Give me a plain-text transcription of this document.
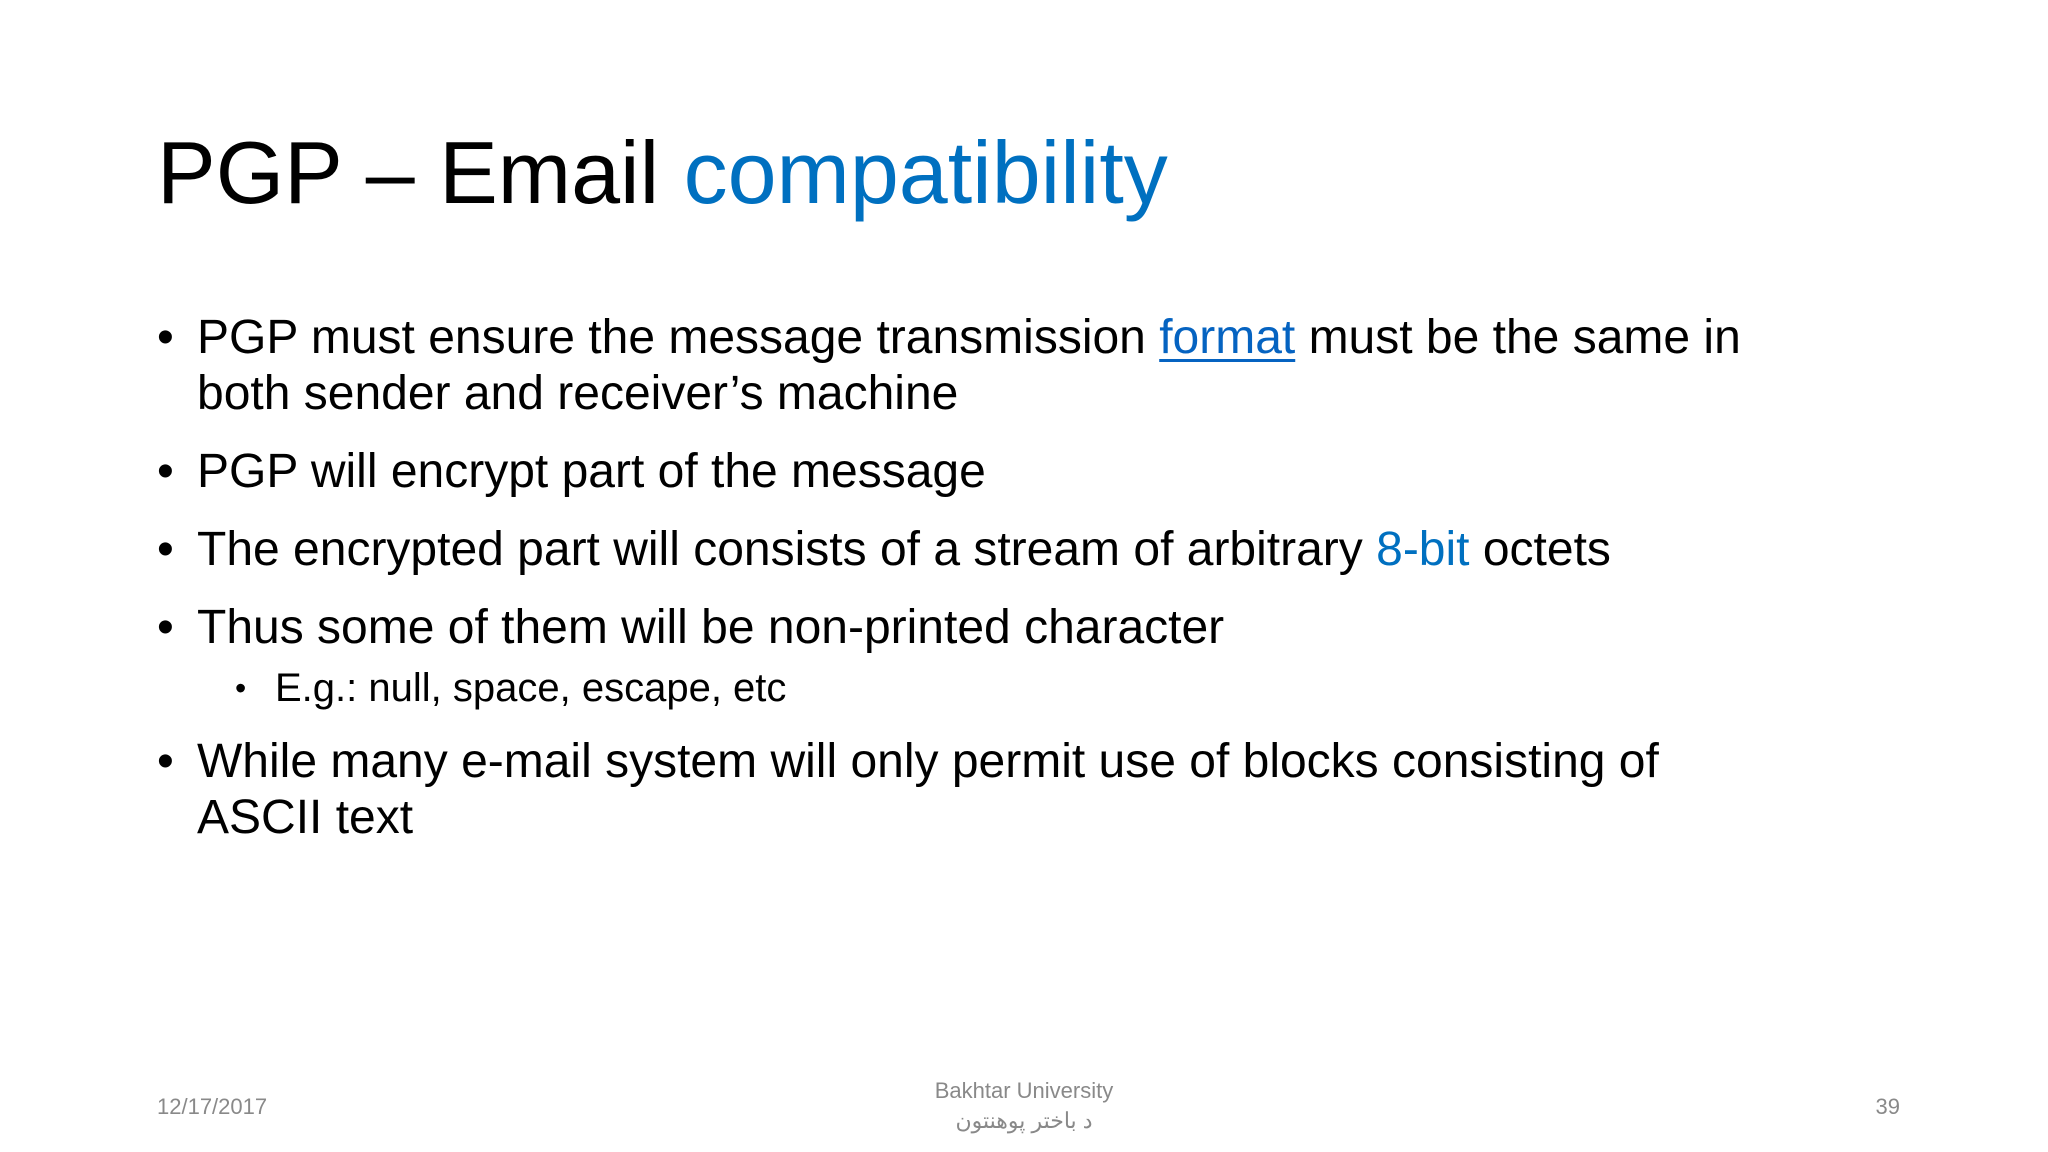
PGP – Email compatibility
• PGP must ensure the message transmission format must be the same in
both sender and receiver’s machine
• PGP will encrypt part of the message
• The encrypted part will consists of a stream of arbitrary 8-bit octets
• Thus some of them will be non-printed character
• E.g.: null, space, escape, etc
• While many e-mail system will only permit use of blocks consisting of
ASCII text
12/17/2017
Bakhtar University
د باختر پوهنتون
39
